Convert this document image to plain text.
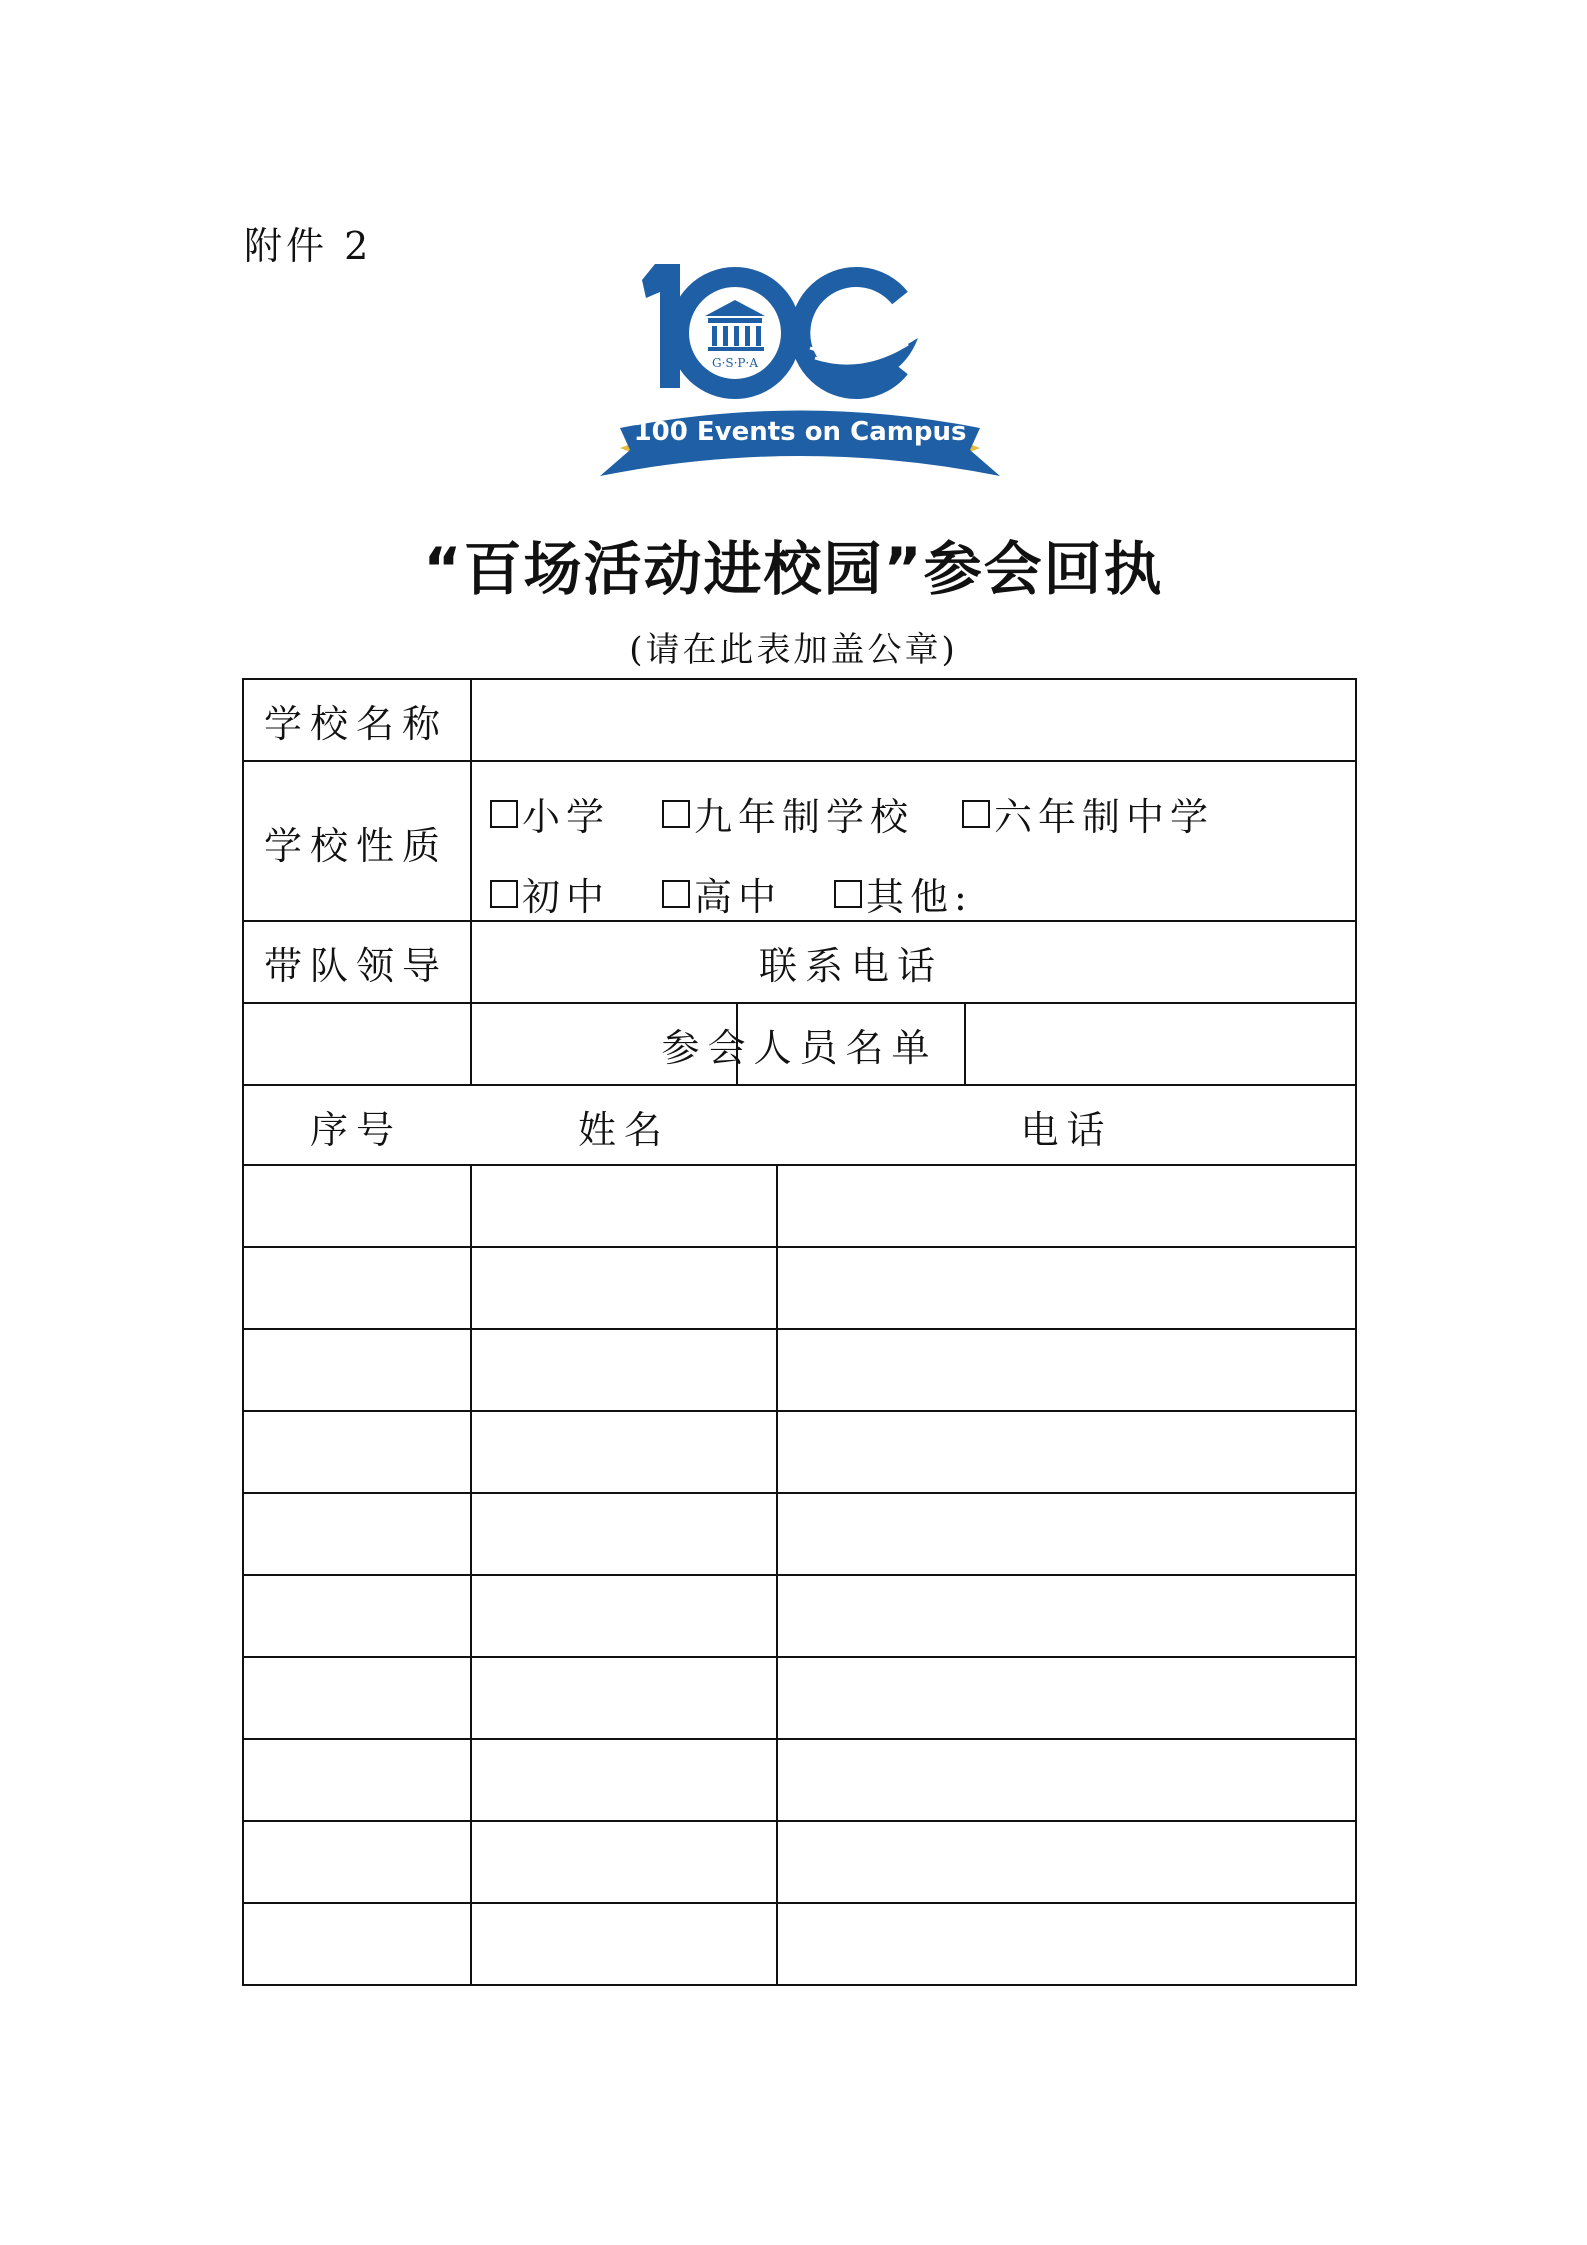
附件 2
G·S·P·A
100 Events on Campus
“百场活动进校园”参会回执
(请在此表加盖公章)
学校名称
学校性质
小学 九年制学校 六年制中学
初中 高中 其他:
带队领导	联系电话
参会人员名单
序号	姓名	电话
